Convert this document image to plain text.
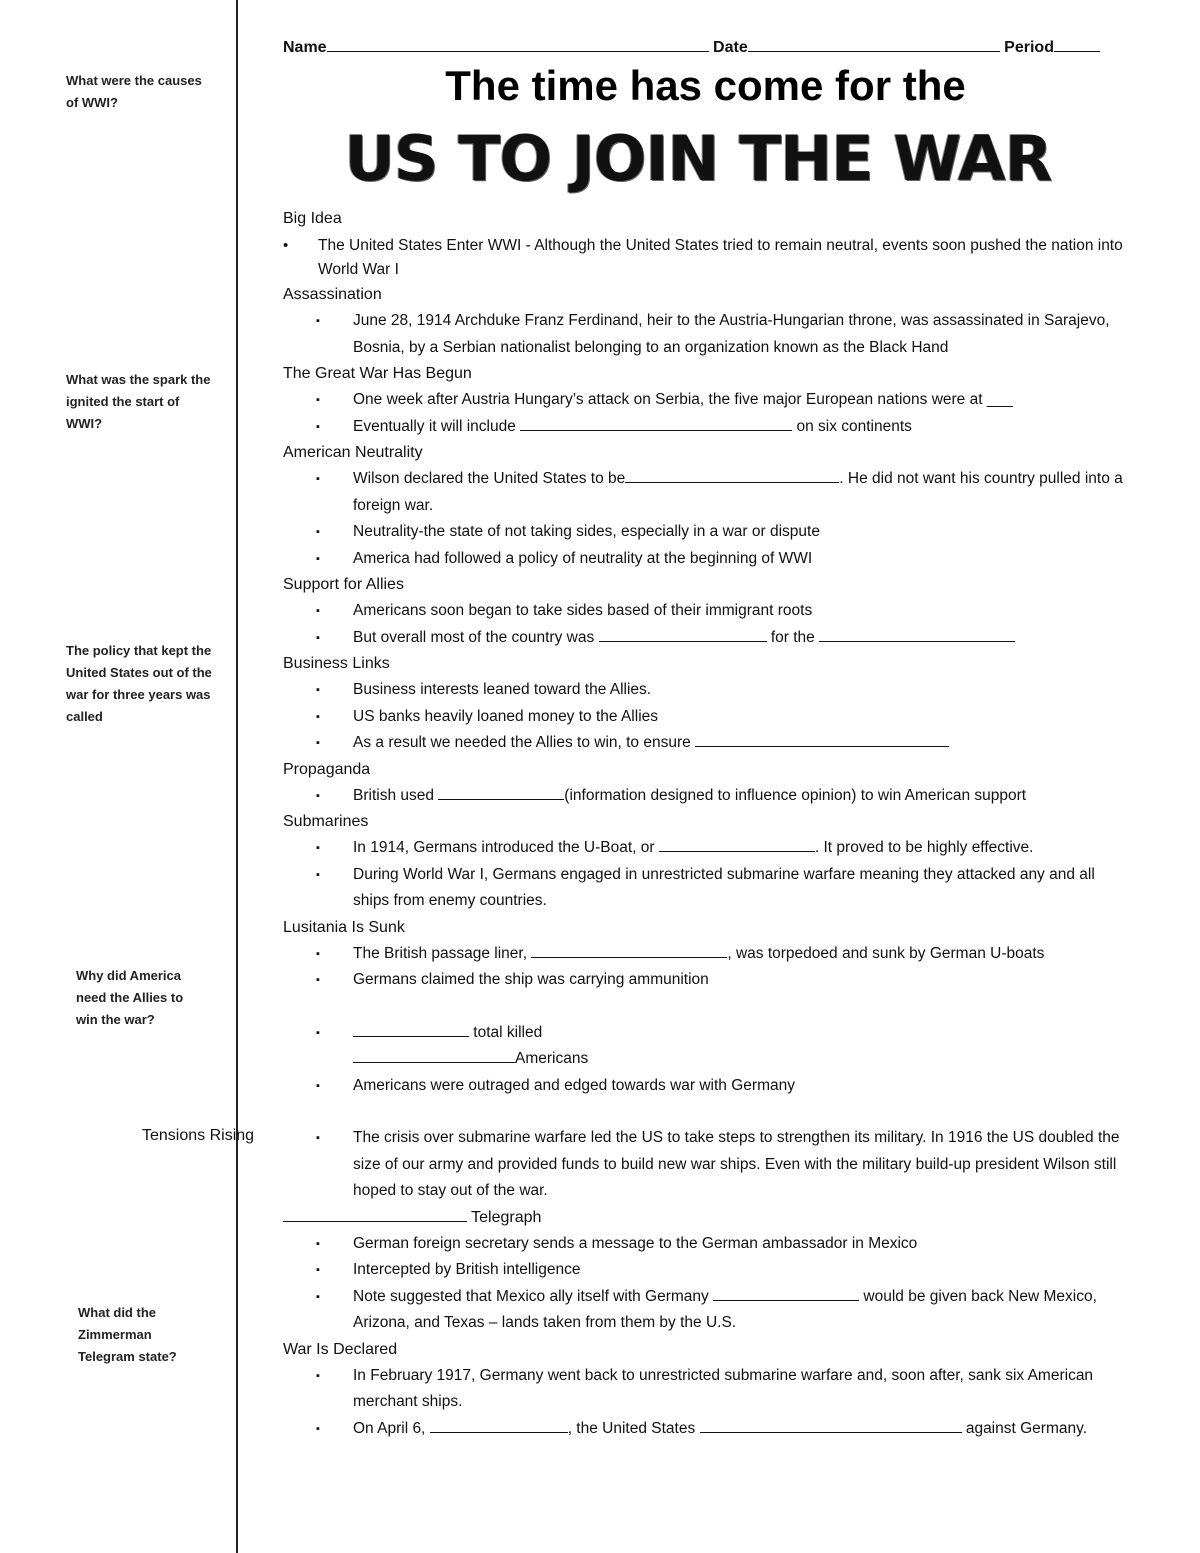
What were the causes of WWI?
What was the spark the ignited the start of WWI?
The policy that kept the United States out of the war for three years was called
Why did America need the Allies to win the war?
What did the Zimmerman Telegram state?
Tensions Rising
Name	Date	Period
The time has come for the
US TO JOIN THE WAR

Big Idea

•	The United States Enter WWI - Although the United States tried to remain neutral, events soon pushed the nation into World War I

Assassination

▪	June 28, 1914 Archduke Franz Ferdinand, heir to the Austria-Hungarian throne, was assassinated in Sarajevo, Bosnia, by a Serbian nationalist belonging to an organization known as the Black Hand

The Great War Has Begun

▪	One week after Austria Hungary’s attack on Serbia, the five major European nations were at ___
▪	Eventually it will include	on six continents

American Neutrality

▪	Wilson declared the United States to be	. He did not want his country pulled into a foreign war.
▪	Neutrality-the state of not taking sides, especially in a war or dispute
▪	America had followed a policy of neutrality at the beginning of WWI

Support for Allies

▪	Americans soon began to take sides based of their immigrant roots
▪	But overall most of the country was	for the

Business Links

▪	Business interests leaned toward the Allies.
▪	US banks heavily loaned money to the Allies
▪	As a result we needed the Allies to win, to ensure

Propaganda

▪	British used	(information designed to influence opinion) to win American support

Submarines

▪	In 1914, Germans introduced the U-Boat, or	. It proved to be highly effective.
▪	During World War I, Germans engaged in unrestricted submarine warfare meaning they attacked any and all ships from enemy countries.

Lusitania Is Sunk

▪	The British passage liner,	, was torpedoed and sunk by German U-boats
▪	Germans claimed the ship was carrying ammunition
▪	total killed
Americans
▪	Americans were outraged and edged towards war with Germany
▪	The crisis over submarine warfare led the US to take steps to strengthen its military. In 1916 the US doubled the size of our army and provided funds to build new war ships. Even with the military build-up president Wilson still hoped to stay out of the war.

Telegraph

▪	German foreign secretary sends a message to the German ambassador in Mexico
▪	Intercepted by British intelligence
▪	Note suggested that Mexico ally itself with Germany	would be given back New Mexico, Arizona, and Texas – lands taken from them by the U.S.

War Is Declared

▪	In February 1917, Germany went back to unrestricted submarine warfare and, soon after, sank six American merchant ships.
▪	On April 6,	, the United States	against Germany.
